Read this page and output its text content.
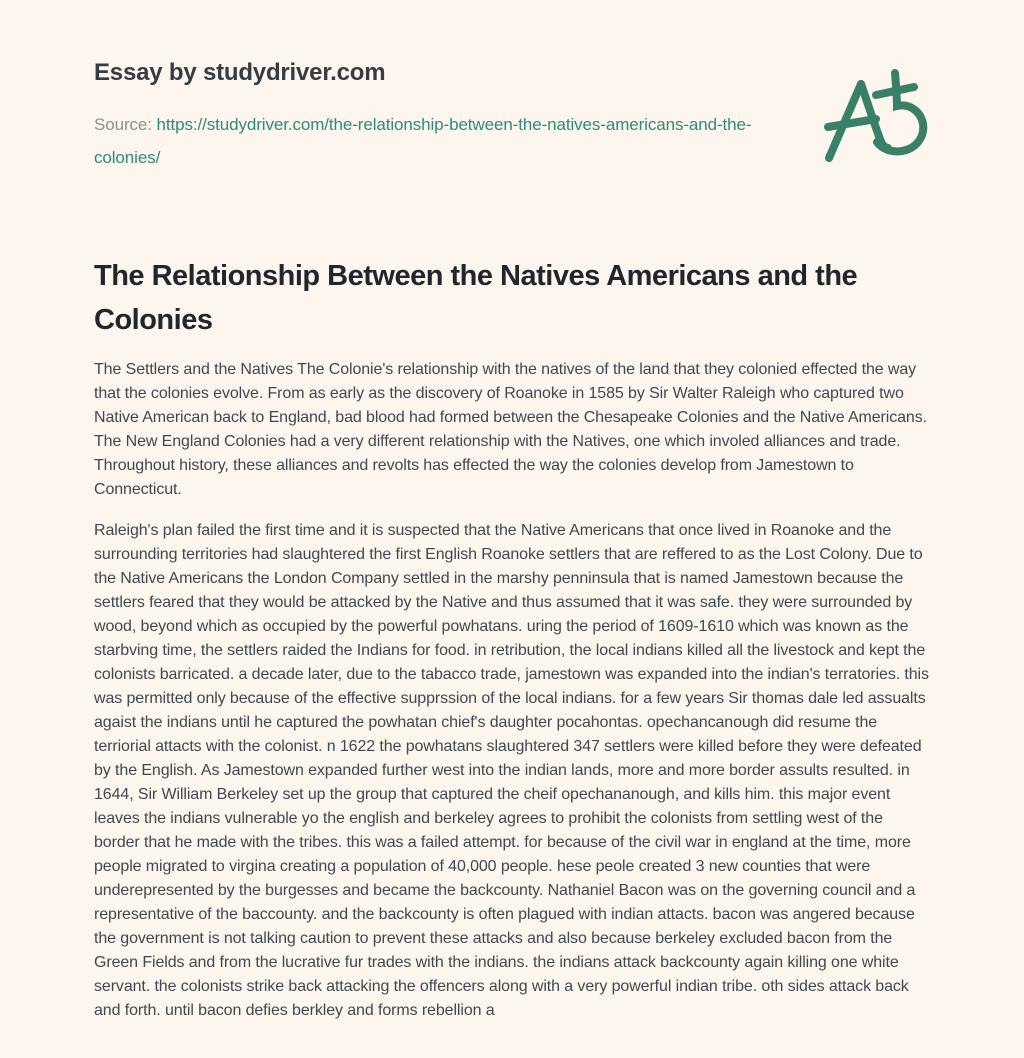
Essay by studydriver.com

Source: https://studydriver.com/the-relationship-between-the-natives-americans-and-the-colonies/

The Relationship Between the Natives Americans and the Colonies

The Settlers and the Natives The Colonie's relationship with the natives of the land that they colonied effected the way that the colonies evolve. From as early as the discovery of Roanoke in 1585 by Sir Walter Raleigh who captured two Native American back to England, bad blood had formed between the Chesapeake Colonies and the Native Americans. The New England Colonies had a very different relationship with the Natives, one which involed alliances and trade. Throughout history, these alliances and revolts has effected the way the colonies develop from Jamestown to Connecticut.

Raleigh's plan failed the first time and it is suspected that the Native Americans that once lived in Roanoke and the surrounding territories had slaughtered the first English Roanoke settlers that are reffered to as the Lost Colony. Due to the Native Americans the London Company settled in the marshy penninsula that is named Jamestown because the settlers feared that they would be attacked by the Native and thus assumed that it was safe. they were surrounded by wood, beyond which as occupied by the powerful powhatans. uring the period of 1609-1610 which was known as the starbving time, the settlers raided the Indians for food. in retribution, the local indians killed all the livestock and kept the colonists barricated. a decade later, due to the tabacco trade, jamestown was expanded into the indian's terratories. this was permitted only because of the effective supprssion of the local indians. for a few years Sir thomas dale led assualts agaist the indians until he captured the powhatan chief's daughter pocahontas. opechancanough did resume the terriorial attacts with the colonist. n 1622 the powhatans slaughtered 347 settlers were killed before they were defeated by the English. As Jamestown expanded further west into the indian lands, more and more border assults resulted. in 1644, Sir William Berkeley set up the group that captured the cheif opechananough, and kills him. this major event leaves the indians vulnerable yo the english and berkeley agrees to prohibit the colonists from settling west of the border that he made with the tribes. this was a failed attempt. for because of the civil war in england at the time, more people migrated to virgina creating a population of 40,000 people. hese peole created 3 new counties that were underepresented by the burgesses and became the backcounty. Nathaniel Bacon was on the governing council and a representative of the baccounty. and the backcounty is often plagued with indian attacts. bacon was angered because the government is not talking caution to prevent these attacks and also because berkeley excluded bacon from the Green Fields and from the lucrative fur trades with the indians. the indians attack backcounty again killing one white servant. the colonists strike back attacking the offencers along with a very powerful indian tribe. oth sides attack back and forth. until bacon defies berkley and forms rebellion a
